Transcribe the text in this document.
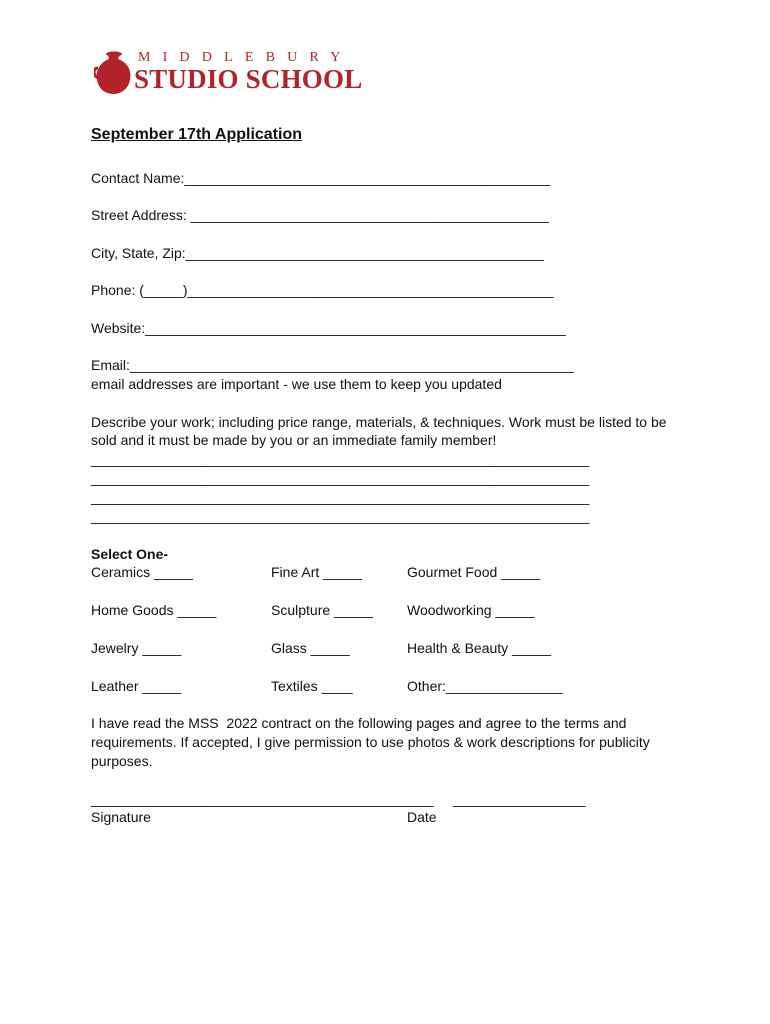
MIDDLEBURY
STUDIO SCHOOL
September 17th Application
Contact Name:_______________________________________________
Street Address: ______________________________________________
City, State, Zip:______________________________________________
Phone: (_____)_______________________________________________
Website:______________________________________________________
Email:_________________________________________________________
email addresses are important - we use them to keep you updated
Describe your work; including price range, materials, & techniques. Work must be listed to be
sold and it must be made by you or an immediate family member!
________________________________________________________________
________________________________________________________________
________________________________________________________________
________________________________________________________________
Select One-
Ceramics _____	Fine Art _____	Gourmet Food _____
Home Goods _____	Sculpture _____ Woodworking _____
Jewelry _____	Glass _____	Health & Beauty _____
Leather _____	Textiles ____	Other:_______________
I have read the MSS  2022 contract on the following pages and agree to the terms and
requirements. If accepted, I give permission to use photos & work descriptions for publicity
purposes.
____________________________________________ _________________
Signature	Date
